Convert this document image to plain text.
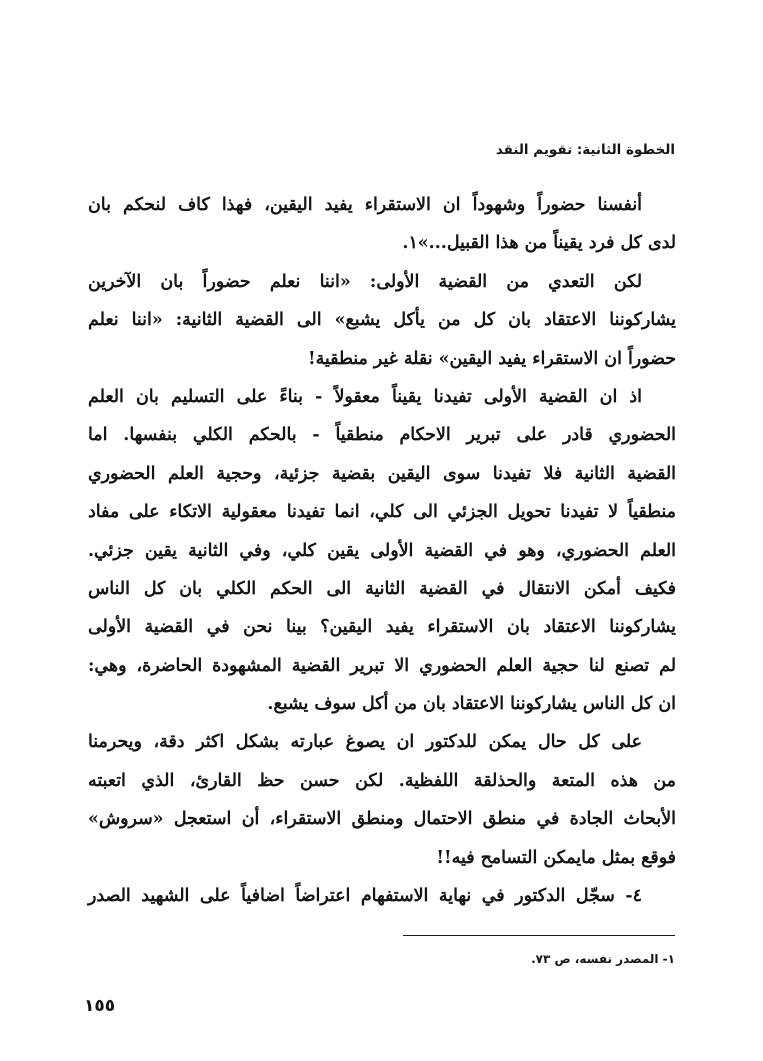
الخطوة الثانية: تقويم النقد
أنفسنا حضوراً وشهوداً ان الاستقراء يفيد اليقين، فهذا كاف لنحكم بان
لدى كل فرد يقيناً من هذا القبيل...»١.
لكن التعدي من القضية الأولى: «اننا نعلم حضوراً بان الآخرين
يشاركوننا الاعتقاد بان كل من يأكل يشبع» الى القضية الثانية: «اننا نعلم
حضوراً ان الاستقراء يفيد اليقين» نقلة غير منطقية!
اذ ان القضية الأولى تفيدنا يقيناً معقولاً - بناءً على التسليم بان العلم
الحضوري قادر على تبرير الاحكام منطقياً - بالحكم الكلي بنفسها. اما
القضية الثانية فلا تفيدنا سوى اليقين بقضية جزئية، وحجية العلم الحضوري
منطقياً لا تفيدنا تحويل الجزئي الى كلي، انما تفيدنا معقولية الاتكاء على مفاد
العلم الحضوري، وهو في القضية الأولى يقين كلي، وفي الثانية يقين جزئي.
فكيف أمكن الانتقال في القضية الثانية الى الحكم الكلي بان كل الناس
يشاركوننا الاعتقاد بان الاستقراء يفيد اليقين؟ بينا نحن في القضية الأولى
لم تصنع لنا حجية العلم الحضوري الا تبرير القضية المشهودة الحاضرة، وهي:
ان كل الناس يشاركوننا الاعتقاد بان من أكل سوف يشبع.
على كل حال يمكن للدكتور ان يصوغ عبارته بشكل اكثر دقة، ويحرمنا
من هذه المتعة والحذلقة اللفظية. لكن حسن حظ القارئ، الذي اتعبته
الأبحاث الجادة في منطق الاحتمال ومنطق الاستقراء، أن استعجل «سروش»
فوقع بمثل مايمكن التسامح فيه!!
٤- سجّل الدكتور في نهاية الاستفهام اعتراضاً اضافياً على الشهيد الصدر
١- المصدر نفسه، ص ٧٣.
١٥٥
